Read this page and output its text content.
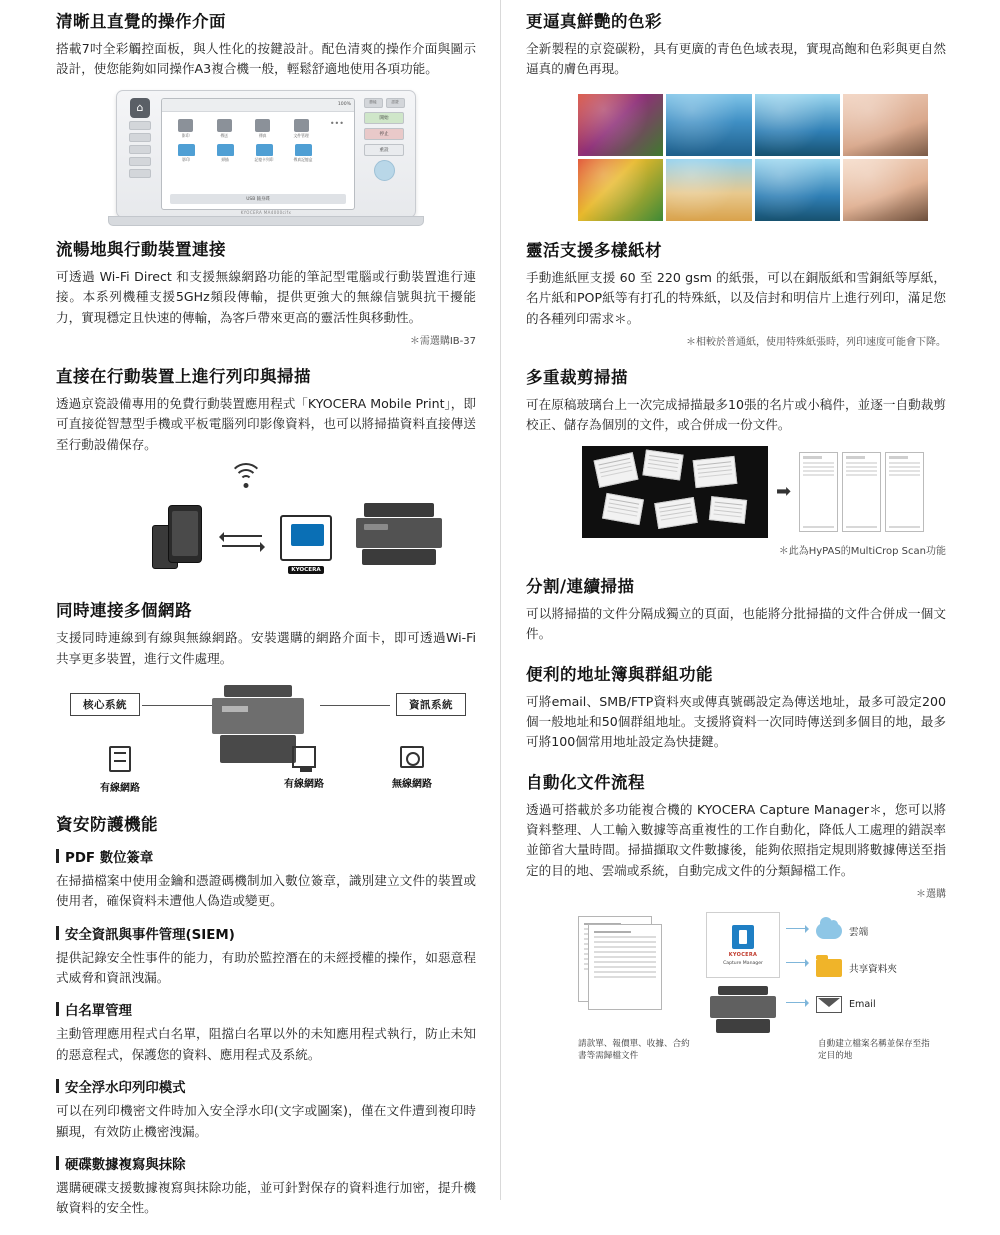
清晰且直覺的操作介面

搭載7吋全彩觸控面板，與人性化的按鍵設計。配色清爽的操作介面與圖示設計，使您能夠如同操作A3複合機一般，輕鬆舒適地使用各項功能。

⌂	100%
影印	傳送	傳真	文件管理
•••
影印	掃描	記憶卡列印	傳真記憶盒
USB 隨身碟
節能	認證
開始
停止
重設
KYOCERA MA4000cifx
流暢地與行動裝置連接

可透過 Wi-Fi Direct 和支援無線網路功能的筆記型電腦或行動裝置進行連接。本系列機種支援5GHz頻段傳輸，提供更強大的無線信號與抗干擾能力，實現穩定且快速的傳輸，為客戶帶來更高的靈活性與移動性。

＊需選購IB-37

直接在行動裝置上進行列印與掃描

透過京瓷設備專用的免費行動裝置應用程式「KYOCERA Mobile Print」，即可直接從智慧型手機或平板電腦列印影像資料，也可以將掃描資料直接傳送至行動設備保存。

KYOCERA
同時連接多個網路

支援同時連線到有線與無線網路。安裝選購的網路介面卡，即可透過Wi-Fi共享更多裝置，進行文件處理。

核心系統	資訊系統
有線網路	有線網路	無線網路
資安防護機能
PDF 數位簽章

在掃描檔案中使用金鑰和憑證碼機制加入數位簽章，識別建立文件的裝置或使用者，確保資料未遭他人偽造或變更。

安全資訊與事件管理(SIEM)

提供記錄安全性事件的能力，有助於監控潛在的未經授權的操作，如惡意程式威脅和資訊洩漏。

白名單管理

主動管理應用程式白名單，阻擋白名單以外的未知應用程式執行，防止未知的惡意程式，保護您的資料、應用程式及系統。

安全浮水印列印模式

可以在列印機密文件時加入安全浮水印(文字或圖案)，僅在文件遭到複印時顯現，有效防止機密洩漏。

硬碟數據複寫與抹除

選購硬碟支援數據複寫與抹除功能，並可針對保存的資料進行加密，提升機敏資料的安全性。

更逼真鮮艷的色彩

全新製程的京瓷碳粉，具有更廣的青色色域表現，實現高飽和色彩與更自然逼真的膚色再現。

靈活支援多樣紙材

手動進紙匣支援 60 至 220 gsm 的紙張，可以在銅版紙和雪銅紙等厚紙，名片紙和POP紙等有打孔的特殊紙，以及信封和明信片上進行列印，滿足您的各種列印需求＊。

＊相較於普通紙，使用特殊紙張時，列印速度可能會下降。

多重裁剪掃描

可在原稿玻璃台上一次完成掃描最多10張的名片或小稿件，並逐一自動裁剪校正、儲存為個別的文件，或合併成一份文件。

➡

＊此為HyPAS的MultiCrop Scan功能

分割/連續掃描

可以將掃描的文件分隔成獨立的頁面，也能將分批掃描的文件合併成一個文件。

便利的地址簿與群組功能

可將email、SMB/FTP資料夾或傳真號碼設定為傳送地址，最多可設定200個一般地址和50個群組地址。支援將資料一次同時傳送到多個目的地，最多可將100個常用地址設定為快捷鍵。

自動化文件流程

透過可搭載於多功能複合機的 KYOCERA Capture Manager＊，您可以將資料整理、人工輸入數據等高重複性的工作自動化，降低人工處理的錯誤率並節省大量時間。掃描擷取文件數據後，能夠依照指定規則將數據傳送至指定的目的地、雲端或系統，自動完成文件的分類歸檔工作。

＊選購

KYOCERA
Capture Manager
雲端
共享資料夾
Email
請款單、報價單、收據、合約書等需歸檔文件
自動建立檔案名稱並保存至指定目的地
